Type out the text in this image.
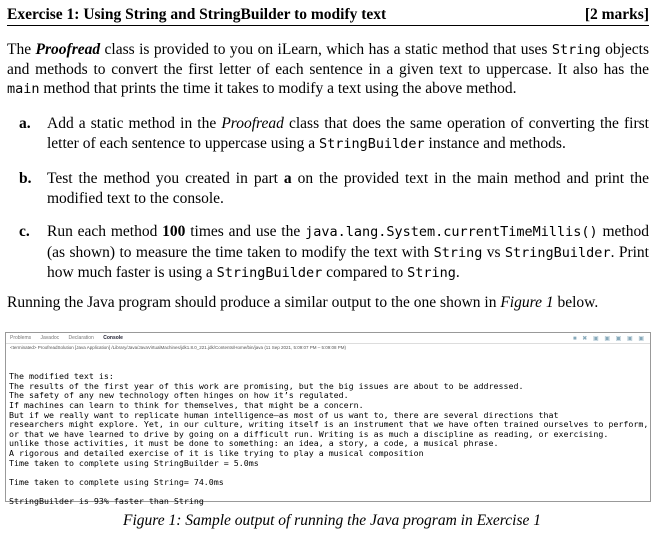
Exercise 1: Using String and StringBuilder to modify text	[2 marks]
The Proofread class is provided to you on iLearn, which has a static method that uses String objects and methods to convert the first letter of each sentence in a given text to uppercase. It also has the main method that prints the time it takes to modify a text using the above method.
a.	Add a static method in the Proofread class that does the same operation of converting the first letter of each sentence to uppercase using a StringBuilder instance and methods.
b.	Test the method you created in part a on the provided text in the main method and print the modified text to the console.
c.	Run each method 100 times and use the java.lang.System.currentTimeMillis() method (as shown) to measure the time taken to modify the text with String vs StringBuilder. Print how much faster is using a StringBuilder compared to String.
Running the Java program should produce a similar output to the one shown in Figure 1 below.
Problems Javadoc Declaration Console	■ ✖ ▣ ▣ ▣ ▣ ▣
<terminated> ProofreadSolution [Java Application] /Library/Java/JavaVirtualMachines/jdk1.8.0_221.jdk/Contents/Home/bin/java (11 Sep 2021, 5:09:07 PM – 5:09:08 PM)

The modified text is:
The results of the first year of this work are promising, but the big issues are about to be addressed.
The safety of any new technology often hinges on how it’s regulated.
If machines can learn to think for themselves, that might be a concern.
But if we really want to replicate human intelligence—as most of us want to, there are several directions that
researchers might explore. Yet, in our culture, writing itself is an instrument that we have often trained ourselves to perform,
or that we have learned to drive by going on a difficult run. Writing is as much a discipline as reading, or exercising.
unlike those activities, it must be done to something: an idea, a story, a code, a musical phrase.
A rigorous and detailed exercise of it is like trying to play a musical composition
Time taken to complete using StringBuilder = 5.0ms
Time taken to complete using String= 74.0ms
StringBuilder is 93% faster than String

Figure 1: Sample output of running the Java program in Exercise 1
